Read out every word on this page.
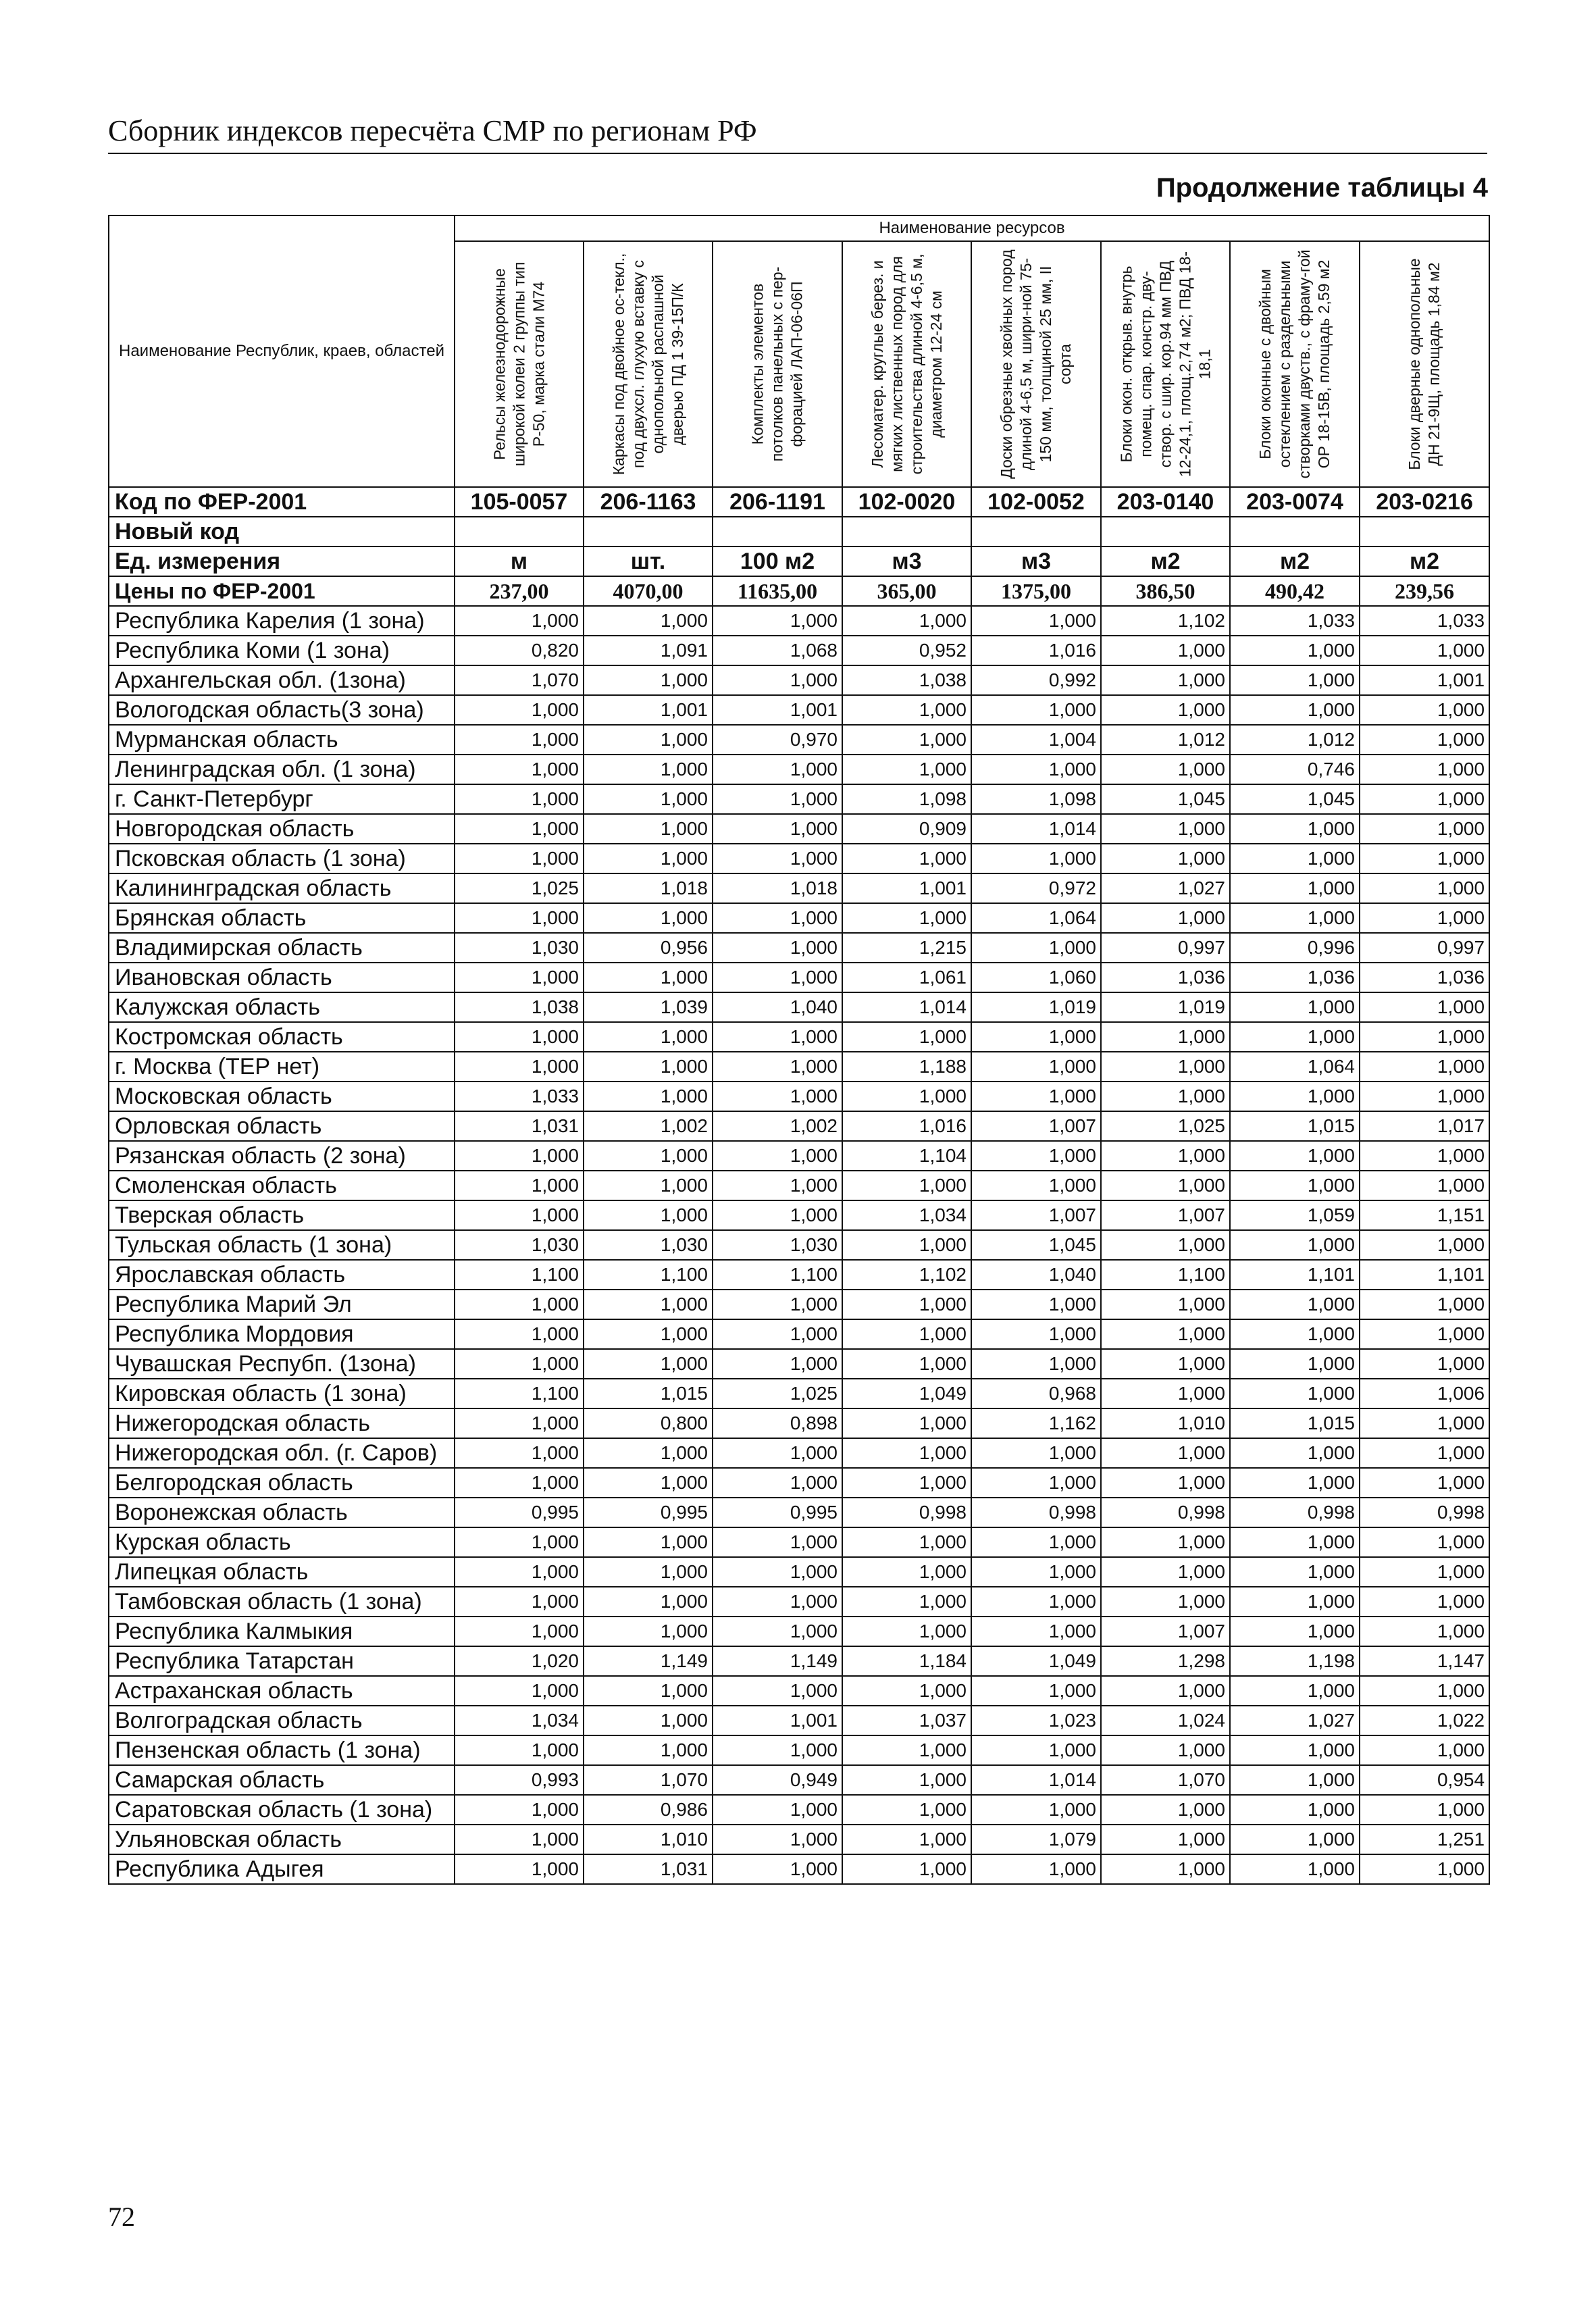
Сборник индексов пересчёта СМР по регионам РФ
Продолжение таблицы 4
Наименование Республик, краев, областей	Наименование ресурсов							

	Рельсы железнодорожные широкой колеи 2 группы тип Р-50, марка стали М74	Каркасы под двойное ос-текл., под двухсл. глухую вставку с однопольной распашной дверью ПД 1 39-15П/К	Комплекты элементов потолков панельных с пер-форацией ЛАП-06-06П	Лесоматер. круглые берез. и мягких лиственных пород для строительства длиной 4-6,5 м, диаметром 12-24 см	Доски обрезные хвойных пород длиной 4-6,5 м, шири-ной 75-150 мм, толщиной 25 мм, II сорта	Блоки окон. открыв. внутрь помещ. спар. констр. дву-створ. с шир. кор.94 мм ПВД 12-24,1, площ.2,74 м2; ПВД 18-18,1	Блоки оконные с двойным остеклением с раздельными створками двуств., с фраму-гой ОР 18-15В, площадь 2,59 м2	Блоки дверные однопольные ДН 21-9Щ, площадь 1,84 м2

Код по ФЕР-2001	105-0057	206-1163	206-1191	102-0020	102-0052	203-0140	203-0074	203-0216
Новый код								
Ед. измерения	м	шт.	100 м2	м3	м3	м2	м2	м2
Цены по ФЕР-2001	237,00	4070,00	11635,00	365,00	1375,00	386,50	490,42	239,56
Республика Карелия (1 зона)	1,000	1,000	1,000	1,000	1,000	1,102	1,033	1,033
Республика Коми (1 зона)	0,820	1,091	1,068	0,952	1,016	1,000	1,000	1,000
Архангельская обл. (1зона)	1,070	1,000	1,000	1,038	0,992	1,000	1,000	1,001
Вологодская область(3 зона)	1,000	1,001	1,001	1,000	1,000	1,000	1,000	1,000
Мурманская область	1,000	1,000	0,970	1,000	1,004	1,012	1,012	1,000
Ленинградская обл. (1 зона)	1,000	1,000	1,000	1,000	1,000	1,000	0,746	1,000
г. Санкт-Петербург	1,000	1,000	1,000	1,098	1,098	1,045	1,045	1,000
Новгородская область	1,000	1,000	1,000	0,909	1,014	1,000	1,000	1,000
Псковская область (1 зона)	1,000	1,000	1,000	1,000	1,000	1,000	1,000	1,000
Калининградская область	1,025	1,018	1,018	1,001	0,972	1,027	1,000	1,000
Брянская область	1,000	1,000	1,000	1,000	1,064	1,000	1,000	1,000
Владимирская область	1,030	0,956	1,000	1,215	1,000	0,997	0,996	0,997
Ивановская область	1,000	1,000	1,000	1,061	1,060	1,036	1,036	1,036
Калужская область	1,038	1,039	1,040	1,014	1,019	1,019	1,000	1,000
Костромская область	1,000	1,000	1,000	1,000	1,000	1,000	1,000	1,000
г. Москва (ТЕР нет)	1,000	1,000	1,000	1,188	1,000	1,000	1,064	1,000
Московская область	1,033	1,000	1,000	1,000	1,000	1,000	1,000	1,000
Орловская область	1,031	1,002	1,002	1,016	1,007	1,025	1,015	1,017
Рязанская область (2 зона)	1,000	1,000	1,000	1,104	1,000	1,000	1,000	1,000
Смоленская область	1,000	1,000	1,000	1,000	1,000	1,000	1,000	1,000
Тверская область	1,000	1,000	1,000	1,034	1,007	1,007	1,059	1,151
Тульская область (1 зона)	1,030	1,030	1,030	1,000	1,045	1,000	1,000	1,000
Ярославская область	1,100	1,100	1,100	1,102	1,040	1,100	1,101	1,101
Республика Марий Эл	1,000	1,000	1,000	1,000	1,000	1,000	1,000	1,000
Республика Мордовия	1,000	1,000	1,000	1,000	1,000	1,000	1,000	1,000
Чувашская Респубп. (1зона)	1,000	1,000	1,000	1,000	1,000	1,000	1,000	1,000
Кировская область (1 зона)	1,100	1,015	1,025	1,049	0,968	1,000	1,000	1,006
Нижегородская область	1,000	0,800	0,898	1,000	1,162	1,010	1,015	1,000
Нижегородская обл. (г. Саров)	1,000	1,000	1,000	1,000	1,000	1,000	1,000	1,000
Белгородская область	1,000	1,000	1,000	1,000	1,000	1,000	1,000	1,000
Воронежская область	0,995	0,995	0,995	0,998	0,998	0,998	0,998	0,998
Курская область	1,000	1,000	1,000	1,000	1,000	1,000	1,000	1,000
Липецкая область	1,000	1,000	1,000	1,000	1,000	1,000	1,000	1,000
Тамбовская область (1 зона)	1,000	1,000	1,000	1,000	1,000	1,000	1,000	1,000
Республика Калмыкия	1,000	1,000	1,000	1,000	1,000	1,007	1,000	1,000
Республика Татарстан	1,020	1,149	1,149	1,184	1,049	1,298	1,198	1,147
Астраханская область	1,000	1,000	1,000	1,000	1,000	1,000	1,000	1,000
Волгоградская область	1,034	1,000	1,001	1,037	1,023	1,024	1,027	1,022
Пензенская область (1 зона)	1,000	1,000	1,000	1,000	1,000	1,000	1,000	1,000
Самарская область	0,993	1,070	0,949	1,000	1,014	1,070	1,000	0,954
Саратовская область (1 зона)	1,000	0,986	1,000	1,000	1,000	1,000	1,000	1,000
Ульяновская область	1,000	1,010	1,000	1,000	1,079	1,000	1,000	1,251
Республика Адыгея	1,000	1,031	1,000	1,000	1,000	1,000	1,000	1,000
72
